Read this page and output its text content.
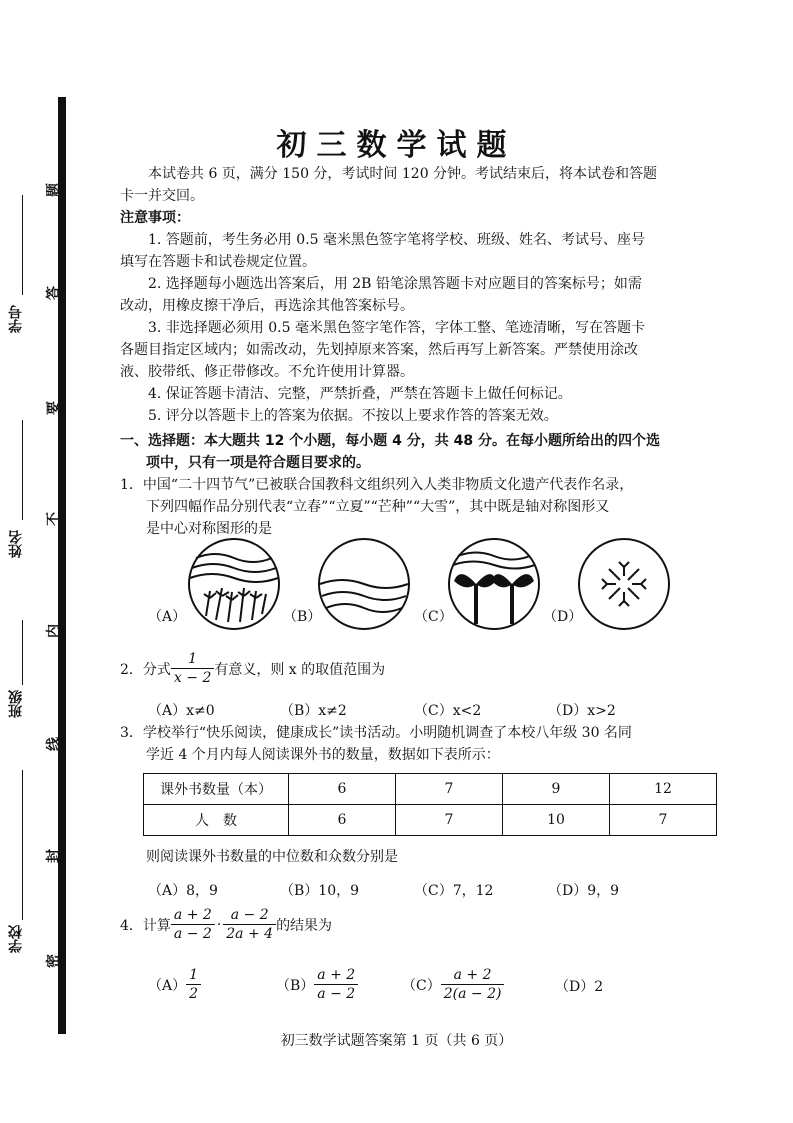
学号
姓名
班级
学校
题
答
要
不
内
线
封
密
初三数学试题
本试卷共 6 页，满分 150 分，考试时间 120 分钟。考试结束后，将本试卷和答题
卡一并交回。
注意事项：
1. 答题前，考生务必用 0.5 毫米黑色签字笔将学校、班级、姓名、考试号、座号
填写在答题卡和试卷规定位置。
2. 选择题每小题选出答案后，用 2B 铅笔涂黑答题卡对应题目的答案标号；如需
改动，用橡皮擦干净后，再选涂其他答案标号。
3. 非选择题必须用 0.5 毫米黑色签字笔作答，字体工整、笔迹清晰，写在答题卡
各题目指定区域内；如需改动，先划掉原来答案，然后再写上新答案。严禁使用涂改
液、胶带纸、修正带修改。不允许使用计算器。
4. 保证答题卡清洁、完整，严禁折叠，严禁在答题卡上做任何标记。
5. 评分以答题卡上的答案为依据。不按以上要求作答的答案无效。
一、选择题：本大题共 12 个小题，每小题 4 分，共 48 分。在每小题所给出的四个选
项中，只有一项是符合题目要求的。
1．中国“二十四节气”已被联合国教科文组织列入人类非物质文化遗产代表作名录，
下列四幅作品分别代表“立春”“立夏”“芒种”“大雪”，其中既是轴对称图形又
是中心对称图形的是
（A）	（B）	（C）	（D）
2．分式 $\frac{1}{x - 2}$ 有意义，则 x 的取值范围为
（A）x≠0	（B）x≠2	（C）x<2	（D）x>2
3．学校举行“快乐阅读，健康成长”读书活动。小明随机调查了本校八年级 30 名同
学近 4 个月内每人阅读课外书的数量，数据如下表所示：
课外书数量（本）	6	7	9	12
人　数	6	7	10	7
则阅读课外书数量的中位数和众数分别是
（A）8，9	（B）10，9	（C）7，12	（D）9，9
4．计算 $\frac{a + 2}{a - 2} \cdot \frac{a - 2}{2a + 4}$ 的结果为
$(A) \frac{1}{2}$	$(B) \frac{a + 2}{a - 2}$	$(C) \frac{a + 2}{2(a - 2)}$	（D）2
初三数学试题答案第 1 页（共 6 页）
